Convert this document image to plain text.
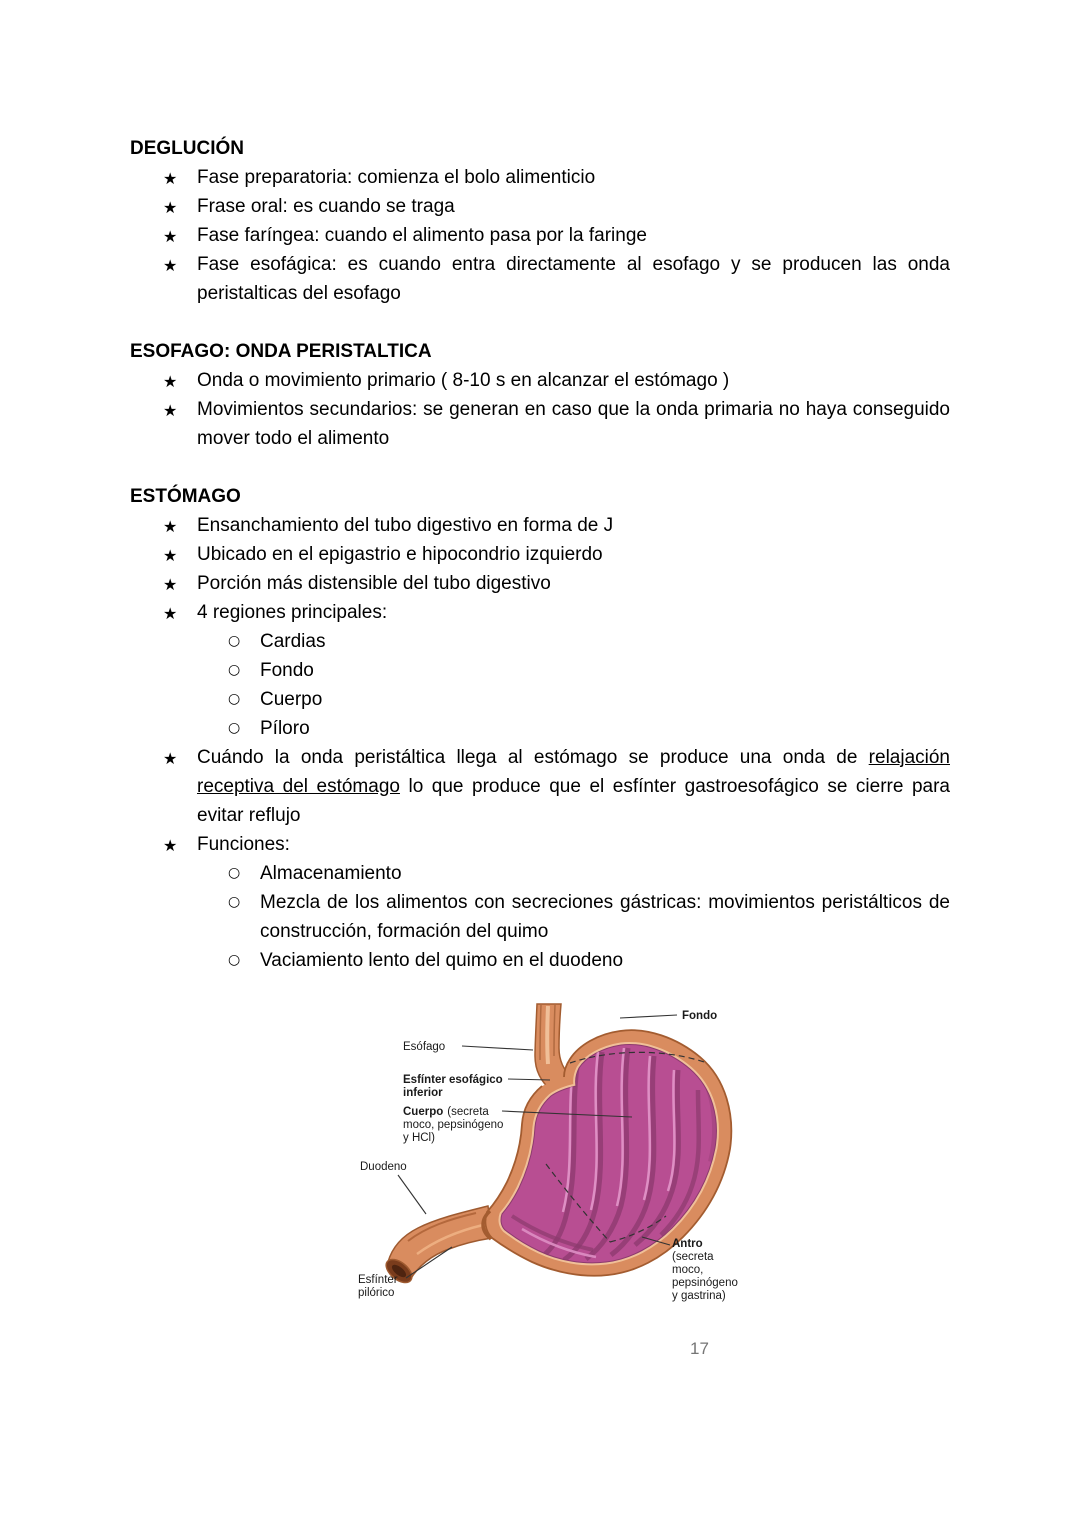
DEGLUCIÓN
★ Fase preparatoria: comienza el bolo alimenticio
★ Frase oral: es cuando se traga
★ Fase faríngea: cuando el alimento pasa por la faringe
★ Fase esofágica: es cuando entra directamente al esofago y se producen las onda peristalticas del esofago
ESOFAGO: ONDA PERISTALTICA
★ Onda o movimiento primario ( 8-10 s en alcanzar el estómago )
★ Movimientos secundarios: se generan en caso que la onda primaria no haya conseguido mover todo el alimento
ESTÓMAGO
★ Ensanchamiento del tubo digestivo en forma de J
★ Ubicado en el epigastrio e hipocondrio izquierdo
★ Porción más distensible del tubo digestivo
★ 4 regiones principales:
○ Cardias
○ Fondo
○ Cuerpo
○ Píloro
★ Cuándo la onda peristáltica llega al estómago se produce una onda de relajación receptiva del estómago lo que produce que el esfínter gastroesofágico se cierre para evitar reflujo
★ Funciones:
○ Almacenamiento
○ Mezcla de los alimentos con secreciones gástricas: movimientos peristálticos de construcción, formación del quimo
○ Vaciamiento lento del quimo en el duodeno
Fondo
Esófago
Esfínter esofágico
inferior
Cuerpo (secreta
moco, pepsinógeno
y HCl)
Duodeno
Esfínter
pilórico
Antro
(secreta
moco,
pepsinógeno
y gastrina)
17
